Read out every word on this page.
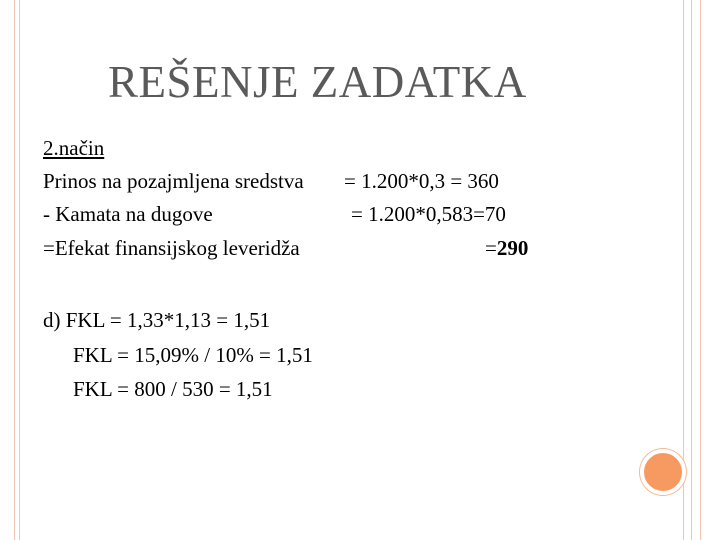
REŠENJE ZADATKA
2.način
Prinos na pozajmljena sredstva = 1.200*0,3 = 360
- Kamata na dugove	= 1.200*0,583=70
=Efekat finansijskog leveridža	=290
d) FKL = 1,33*1,13 = 1,51
FKL = 15,09% / 10% = 1,51
FKL = 800 / 530 = 1,51
